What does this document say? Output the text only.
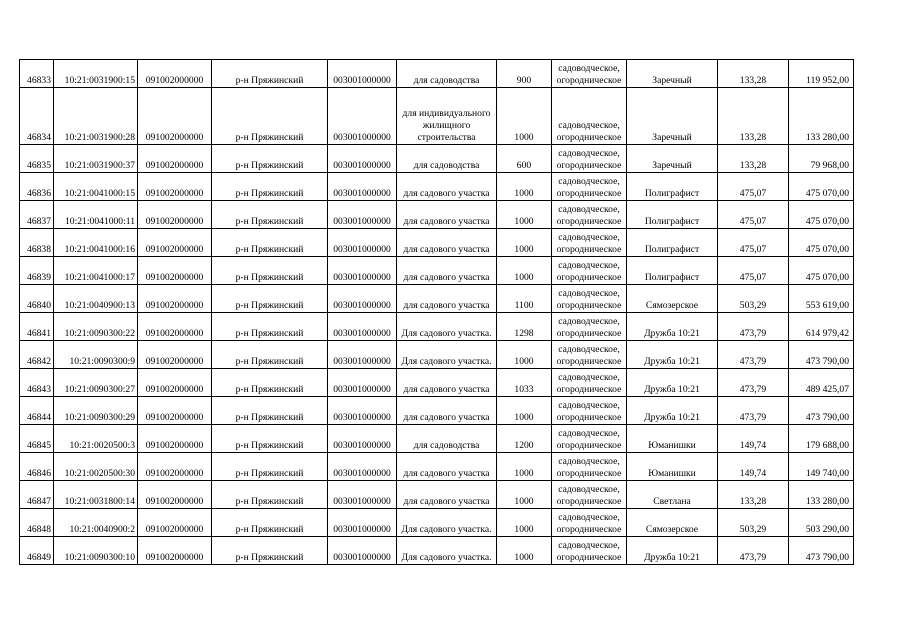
46833	10:21:0031900:15	091002000000	р-н Пряжинский	003001000000	для садоводства	900	садоводческое, огородническое	Заречный	133,28	119 952,00
46834	10:21:0031900:28	091002000000	р-н Пряжинский	003001000000	для индивидуального жилищного строительства	1000	садоводческое, огородническое	Заречный	133,28	133 280,00
46835	10:21:0031900:37	091002000000	р-н Пряжинский	003001000000	для садоводства	600	садоводческое, огородническое	Заречный	133,28	79 968,00
46836	10:21:0041000:15	091002000000	р-н Пряжинский	003001000000	для садового участка	1000	садоводческое, огородническое	Полиграфист	475,07	475 070,00
46837	10:21:0041000:11	091002000000	р-н Пряжинский	003001000000	для садового участка	1000	садоводческое, огородническое	Полиграфист	475,07	475 070,00
46838	10:21:0041000:16	091002000000	р-н Пряжинский	003001000000	для садового участка	1000	садоводческое, огородническое	Полиграфист	475,07	475 070,00
46839	10:21:0041000:17	091002000000	р-н Пряжинский	003001000000	для садового участка	1000	садоводческое, огородническое	Полиграфист	475,07	475 070,00
46840	10:21:0040900:13	091002000000	р-н Пряжинский	003001000000	для садового участка	1100	садоводческое, огородническое	Сямозерское	503,29	553 619,00
46841	10:21:0090300:22	091002000000	р-н Пряжинский	003001000000	Для садового участка.	1298	садоводческое, огородническое	Дружба 10:21	473,79	614 979,42
46842	10:21:0090300:9	091002000000	р-н Пряжинский	003001000000	Для садового участка.	1000	садоводческое, огородническое	Дружба 10:21	473,79	473 790,00
46843	10:21:0090300:27	091002000000	р-н Пряжинский	003001000000	для садового участка	1033	садоводческое, огородническое	Дружба 10:21	473,79	489 425,07
46844	10:21:0090300:29	091002000000	р-н Пряжинский	003001000000	для садового участка	1000	садоводческое, огородническое	Дружба 10:21	473,79	473 790,00
46845	10:21:0020500:3	091002000000	р-н Пряжинский	003001000000	для садоводства	1200	садоводческое, огородническое	Юманишки	149,74	179 688,00
46846	10:21:0020500:30	091002000000	р-н Пряжинский	003001000000	для садового участка	1000	садоводческое, огородническое	Юманишки	149,74	149 740,00
46847	10:21:0031800:14	091002000000	р-н Пряжинский	003001000000	для садового участка	1000	садоводческое, огородническое	Светлана	133,28	133 280,00
46848	10:21:0040900:2	091002000000	р-н Пряжинский	003001000000	Для садового участка.	1000	садоводческое, огородническое	Сямозерское	503,29	503 290,00
46849	10:21:0090300:10	091002000000	р-н Пряжинский	003001000000	Для садового участка.	1000	садоводческое, огородническое	Дружба 10:21	473,79	473 790,00
